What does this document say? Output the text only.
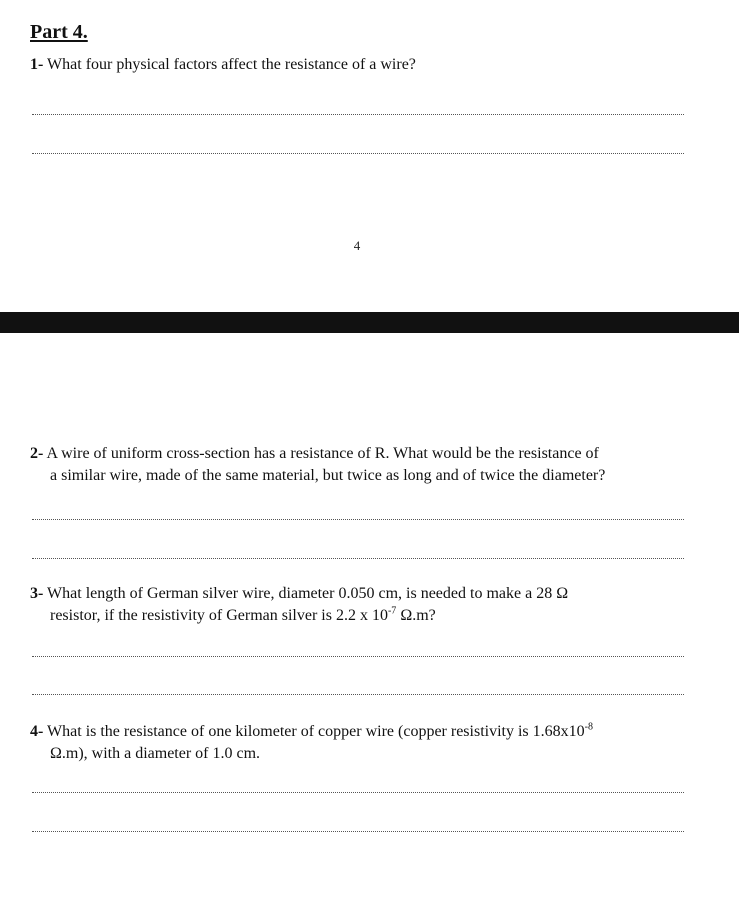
Part 4.

1- What four physical factors affect the resistance of a wire?

4

2- A wire of uniform cross-section has a resistance of R. What would be the resistance of
a similar wire, made of the same material, but twice as long and of twice the diameter?

3- What length of German silver wire, diameter 0.050 cm, is needed to make a 28 Ω
resistor, if the resistivity of German silver is 2.2 x $10^{-7}$ Ω.m?

4- What is the resistance of one kilometer of copper wire (copper resistivity is $1.68x10^{-8}$
Ω.m), with a diameter of 1.0 cm.
